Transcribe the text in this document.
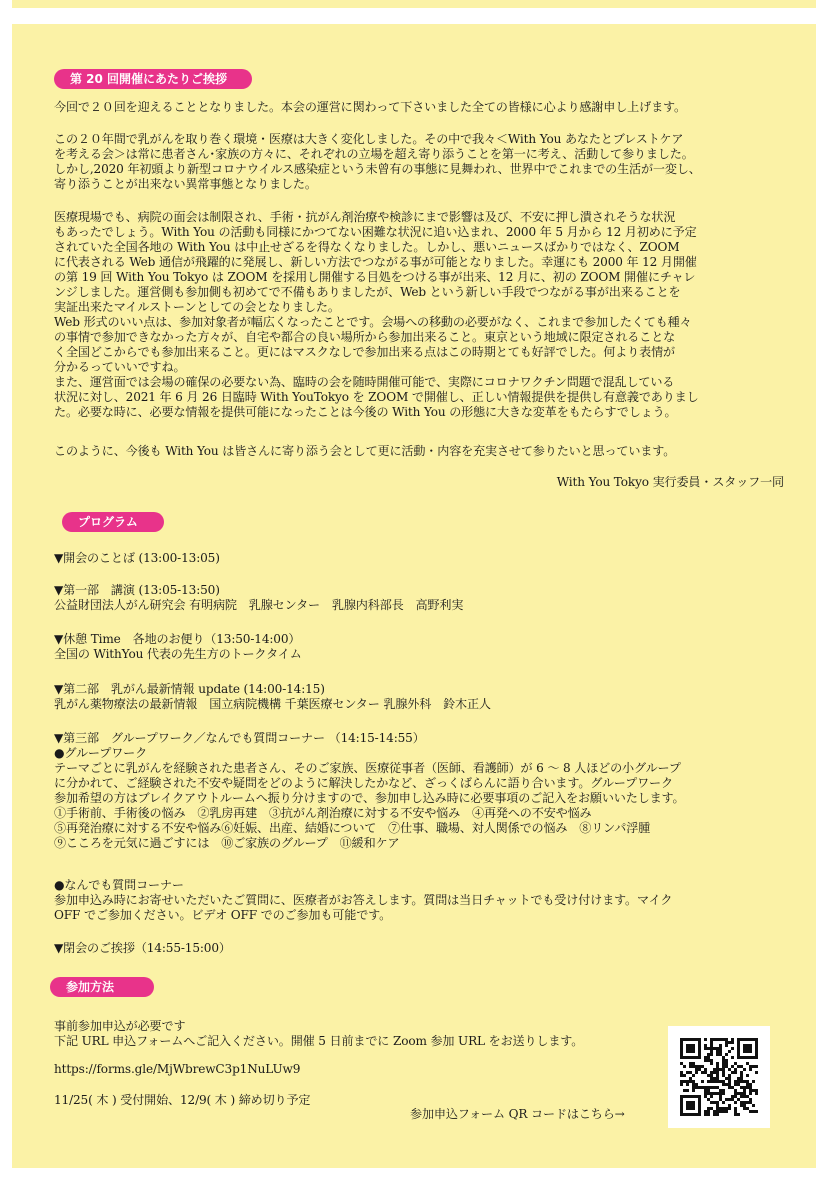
第 20 回開催にあたりご挨拶

今回で２０回を迎えることとなりました。本会の運営に関わって下さいました全ての皆様に心より感謝申し上げます。

この２０年間で乳がんを取り巻く環境・医療は大きく変化しました。その中で我々＜With You あなたとブレストケア

を考える会＞は常に患者さん･家族の方々に、それぞれの立場を超え寄り添うことを第一に考え、活動して参りました。

しかし,2020 年初頭より新型コロナウイルス感染症という未曾有の事態に見舞われ、世界中でこれまでの生活が一変し、

寄り添うことが出来ない異常事態となりました。

医療現場でも、病院の面会は制限され、手術・抗がん剤治療や検診にまで影響は及び、不安に押し潰されそうな状況

もあったでしょう。With You の活動も同様にかつてない困難な状況に追い込まれ、2000 年 5 月から 12 月初めに予定

されていた全国各地の With You は中止せざるを得なくなりました。しかし、悪いニュースばかりではなく、ZOOM

に代表される Web 通信が飛躍的に発展し、新しい方法でつながる事が可能となりました。幸運にも 2000 年 12 月開催

の第 19 回 With You Tokyo は ZOOM を採用し開催する目処をつける事が出来、12 月に、初の ZOOM 開催にチャレ

ンジしました。運営側も参加側も初めてで不備もありましたが、Web という新しい手段でつながる事が出来ることを

実証出来たマイルストーンとしての会となりました。

Web 形式のいい点は、参加対象者が幅広くなったことです。会場への移動の必要がなく、これまで参加したくても種々

の事情で参加できなかった方々が、自宅や都合の良い場所から参加出来ること。東京という地域に限定されることな

く全国どこからでも参加出来ること。更にはマスクなしで参加出来る点はこの時期とても好評でした。何より表情が

分かるっていいですね。

また、運営面では会場の確保の必要ない為、臨時の会を随時開催可能で、実際にコロナワクチン問題で混乱している

状況に対し、2021 年 6 月 26 日臨時 With YouTokyo を ZOOM で開催し、正しい情報提供を提供し有意義でありまし

た。必要な時に、必要な情報を提供可能になったことは今後の With You の形態に大きな変革をもたらすでしょう。

このように、今後も With You は皆さんに寄り添う会として更に活動・内容を充実させて参りたいと思っています。

With You Tokyo 実行委員・スタッフ一同

プログラム

▼開会のことば (13:00-13:05)

▼第一部　講演 (13:05-13:50)

公益財団法人がん研究会 有明病院　乳腺センター　乳腺内科部長　高野利実

▼休憩 Time　各地のお便り（13:50-14:00）

全国の WithYou 代表の先生方のトークタイム

▼第二部　乳がん最新情報 update (14:00-14:15)

乳がん薬物療法の最新情報　国立病院機構 千葉医療センター 乳腺外科　鈴木正人

▼第三部　グループワーク／なんでも質問コーナー （14:15-14:55）

●グループワーク

テーマごとに乳がんを経験された患者さん、そのご家族、医療従事者（医師、看護師）が 6 ～ 8 人ほどの小グループ

に分かれて、ご経験された不安や疑問をどのように解決したかなど、ざっくばらんに語り合います。グループワーク

参加希望の方はブレイクアウトルームへ振り分けますので、参加申し込み時に必要事項のご記入をお願いいたします。

①手術前、手術後の悩み　②乳房再建　③抗がん剤治療に対する不安や悩み　④再発への不安や悩み

⑤再発治療に対する不安や悩み⑥妊娠、出産、結婚について　⑦仕事、職場、対人関係での悩み　⑧リンパ浮腫

⑨こころを元気に過ごすには　⑩ご家族のグループ　⑪緩和ケア

●なんでも質問コーナー

参加申込み時にお寄せいただいたご質問に、医療者がお答えします。質問は当日チャットでも受け付けます。マイク

OFF でご参加ください。ビデオ OFF でのご参加も可能です。

▼閉会のご挨拶（14:55-15:00）

参加方法

事前参加申込が必要です

下記 URL 申込フォームへご記入ください。開催 5 日前までに Zoom 参加 URL をお送りします。

https://forms.gle/MjWbrewC3p1NuLUw9

11/25( 木 ) 受付開始、12/9( 木 ) 締め切り予定

参加申込フォーム QR コードはこちら→
